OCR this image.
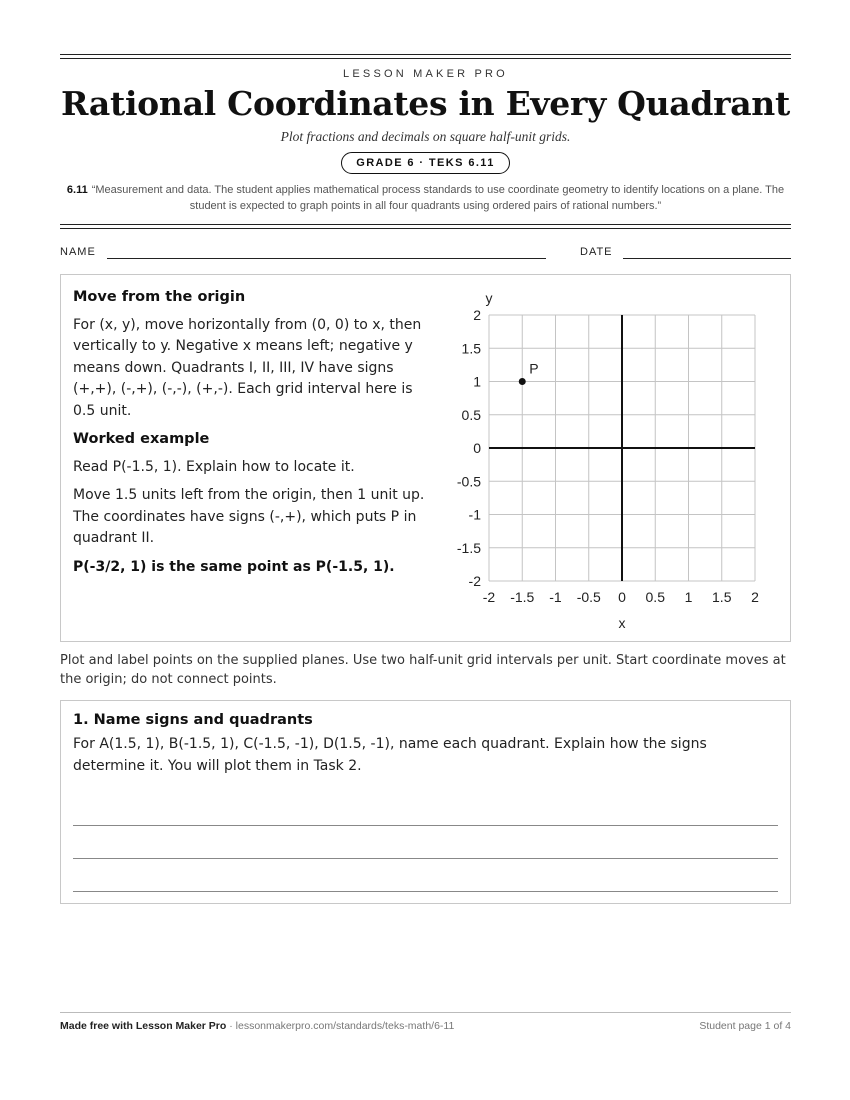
LESSON MAKER PRO
Rational Coordinates in Every Quadrant
Plot fractions and decimals on square half-unit grids.
GRADE 6 · TEKS 6.11
6.11 “Measurement and data. The student applies mathematical process standards to use coordinate geometry to identify locations on a plane. The student is expected to graph points in all four quadrants using ordered pairs of rational numbers.”
NAME	DATE
Move from the origin

For (x, y), move horizontally from (0, 0) to x, then vertically to y. Negative x means left; negative y means down. Quadrants I, II, III, IV have signs (+,+), (-,+), (-,-), (+,-). Each grid interval here is 0.5 unit.

Worked example

Read P(-1.5, 1). Explain how to locate it.

Move 1.5 units left from the origin, then 1 unit up. The coordinates have signs (-,+), which puts P in quadrant II.

P(-3/2, 1) is the same point as P(-1.5, 1).

-2 -1.5 -1 -0.5 0 0.5 1 1.5 2
2
1.5
1
0.5
0
-0.5
-1
-1.5
-2
P
x
y
Plot and label points on the supplied planes. Use two half-unit grid intervals per unit. Start coordinate moves at the origin; do not connect points.
1. Name signs and quadrants

For A(1.5, 1), B(-1.5, 1), C(-1.5, -1), D(1.5, -1), name each quadrant. Explain how the signs determine it. You will plot them in Task 2.

Made free with Lesson Maker Pro · lessonmakerpro.com/standards/teks-math/6-11	Student page 1 of 4
